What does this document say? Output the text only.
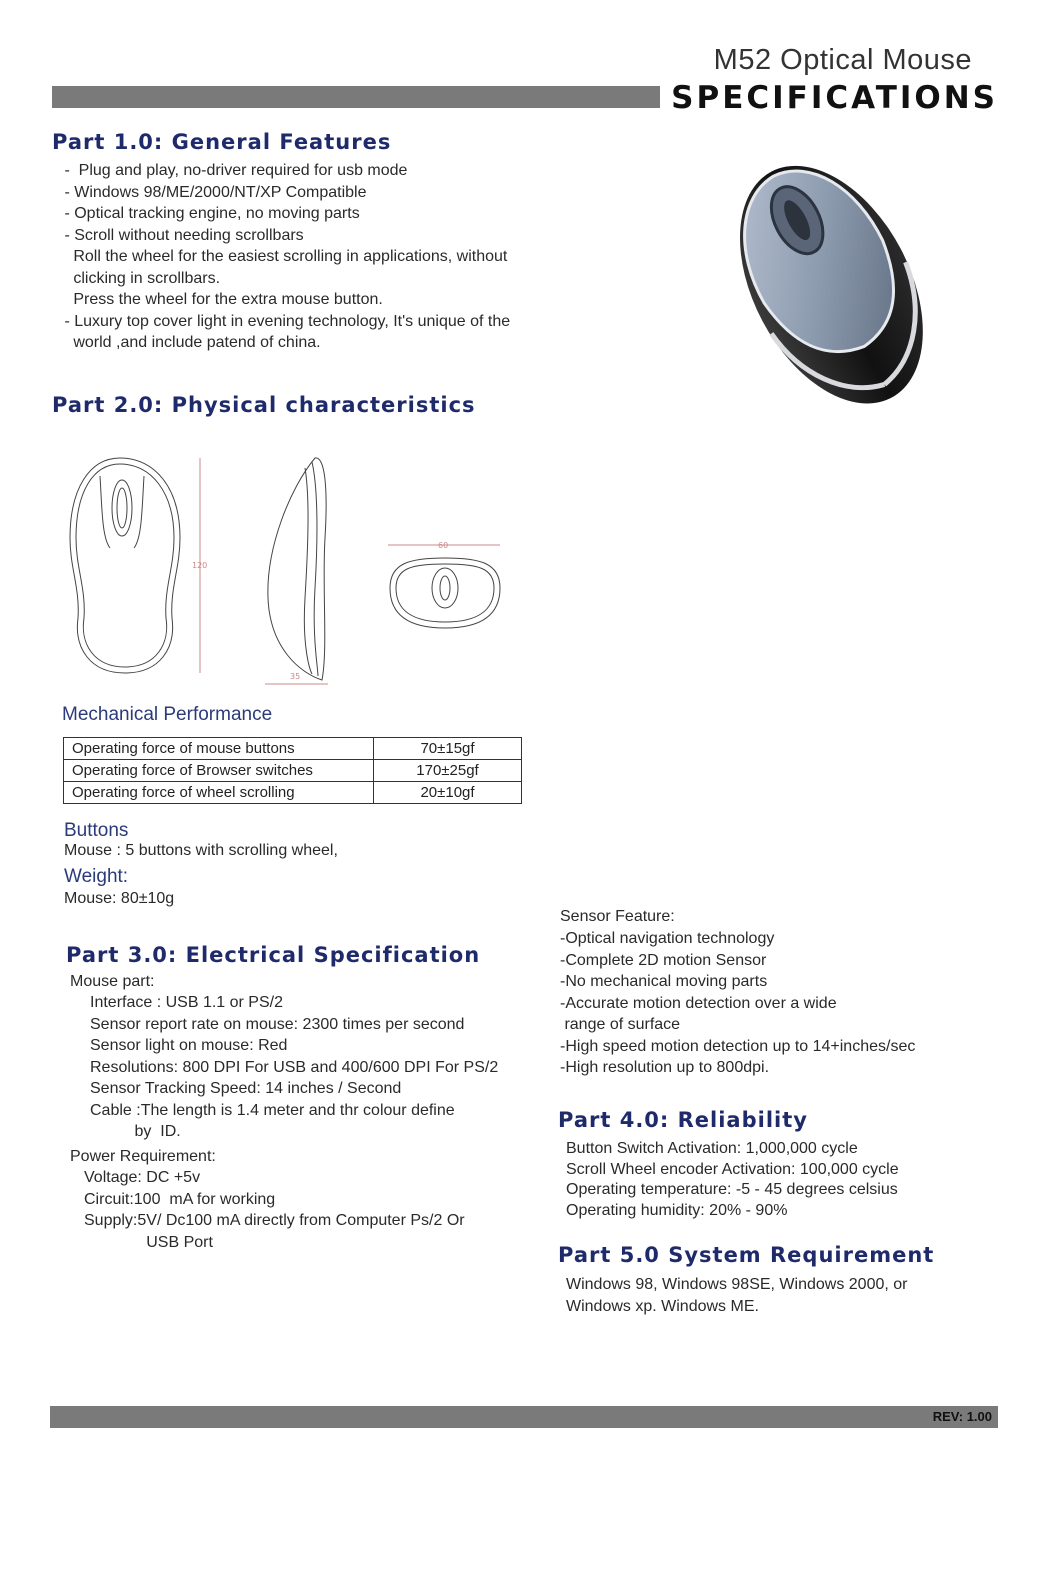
M52 Optical Mouse
SPECIFICATIONS
Part 1.0: General Features
-  Plug and play, no-driver required for usb mode
- Windows 98/ME/2000/NT/XP Compatible
- Optical tracking engine, no moving parts
- Scroll without needing scrollbars
Roll the wheel for the easiest scrolling in applications, without
clicking in scrollbars.
Press the wheel for the extra mouse button.
- Luxury top cover light in evening technology, It's unique of the
world ,and include patend of china.
Part 2.0: Physical characteristics
120
35
60
Mechanical Performance
Operating force of mouse buttons	70±15gf
Operating force of Browser switches	170±25gf
Operating force of wheel scrolling	20±10gf
Buttons
Mouse : 5 buttons with scrolling wheel,
Weight:
Mouse: 80±10g
Part 3.0: Electrical Specification
Mouse part:
Interface : USB 1.1 or PS/2
Sensor report rate on mouse: 2300 times per second
Sensor light on mouse: Red
Resolutions: 800 DPI For USB and 400/600 DPI For PS/2
Sensor Tracking Speed: 14 inches / Second
Cable :The length is 1.4 meter and thr colour define
by  ID.
Power Requirement:
Voltage: DC +5v
Circuit:100  mA for working
Supply:5V/ Dc100 mA directly from Computer Ps/2 Or
USB Port
Sensor Feature:
-Optical navigation technology
-Complete 2D motion Sensor
-No mechanical moving parts
-Accurate motion detection over a wide
range of surface
-High speed motion detection up to 14+inches/sec
-High resolution up to 800dpi.
Part 4.0: Reliability
Button Switch Activation: 1,000,000 cycle
Scroll Wheel encoder Activation: 100,000 cycle
Operating temperature: -5 - 45 degrees celsius
Operating humidity: 20% - 90%
Part 5.0 System Requirement
Windows 98, Windows 98SE, Windows 2000, or
Windows xp. Windows ME.
REV: 1.00
